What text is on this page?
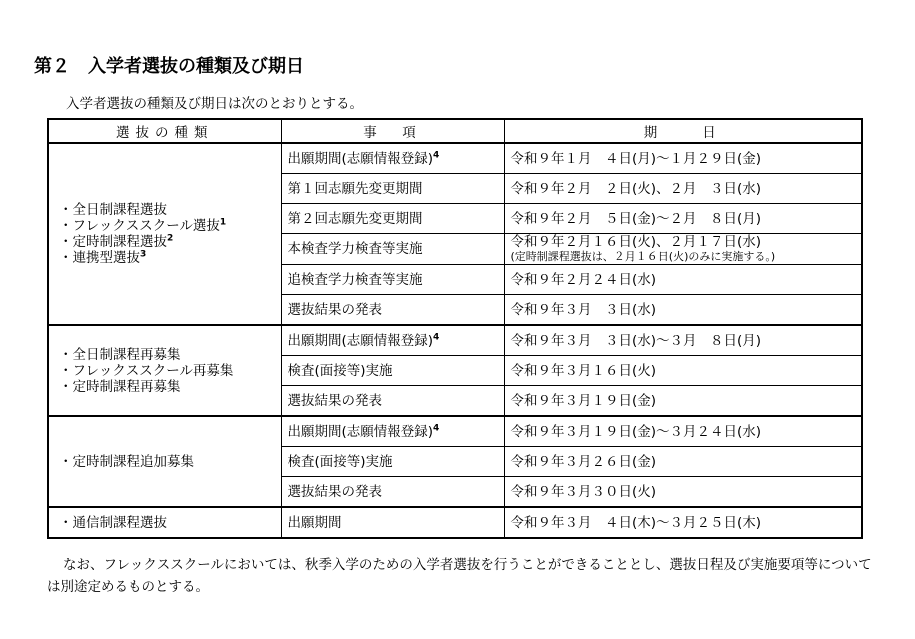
第２　入学者選抜の種類及び期日
入学者選抜の種類及び期日は次のとおりとする。
選抜の種類	事　項	期　　日

・全日制課程選抜
・フレックススクール選抜$^1$
・定時制課程選抜$^2$
・連携型選抜$^3$	出願期間(志願情報登録)$^4$	令和９年１月　４日(月)～１月２９日(金)

	第１回志願先変更期間	令和９年２月　２日(火)、２月　３日(水)

	第２回志願先変更期間	令和９年２月　５日(金)～２月　８日(月)

	本検査学力検査等実施	令和９年２月１６日(火)、２月１７日(水)
(定時制課程選抜は、２月１６日(火)のみに実施する。)

	追検査学力検査等実施	令和９年２月２４日(水)

	選抜結果の発表	令和９年３月　３日(水)

・全日制課程再募集
・フレックススクール再募集
・定時制課程再募集	出願期間(志願情報登録)$^4$	令和９年３月　３日(水)～３月　８日(月)

	検査(面接等)実施	令和９年３月１６日(火)

	選抜結果の発表	令和９年３月１９日(金)

・定時制課程追加募集	出願期間(志願情報登録)$^4$	令和９年３月１９日(金)～３月２４日(水)

	検査(面接等)実施	令和９年３月２６日(金)

	選抜結果の発表	令和９年３月３０日(火)

・通信制課程選抜	出願期間	令和９年３月　４日(木)～３月２５日(木)
なお、フレックススクールにおいては、秋季入学のための入学者選抜を行うことができることとし、選抜日程及び実施要項等については別途定めるものとする。
